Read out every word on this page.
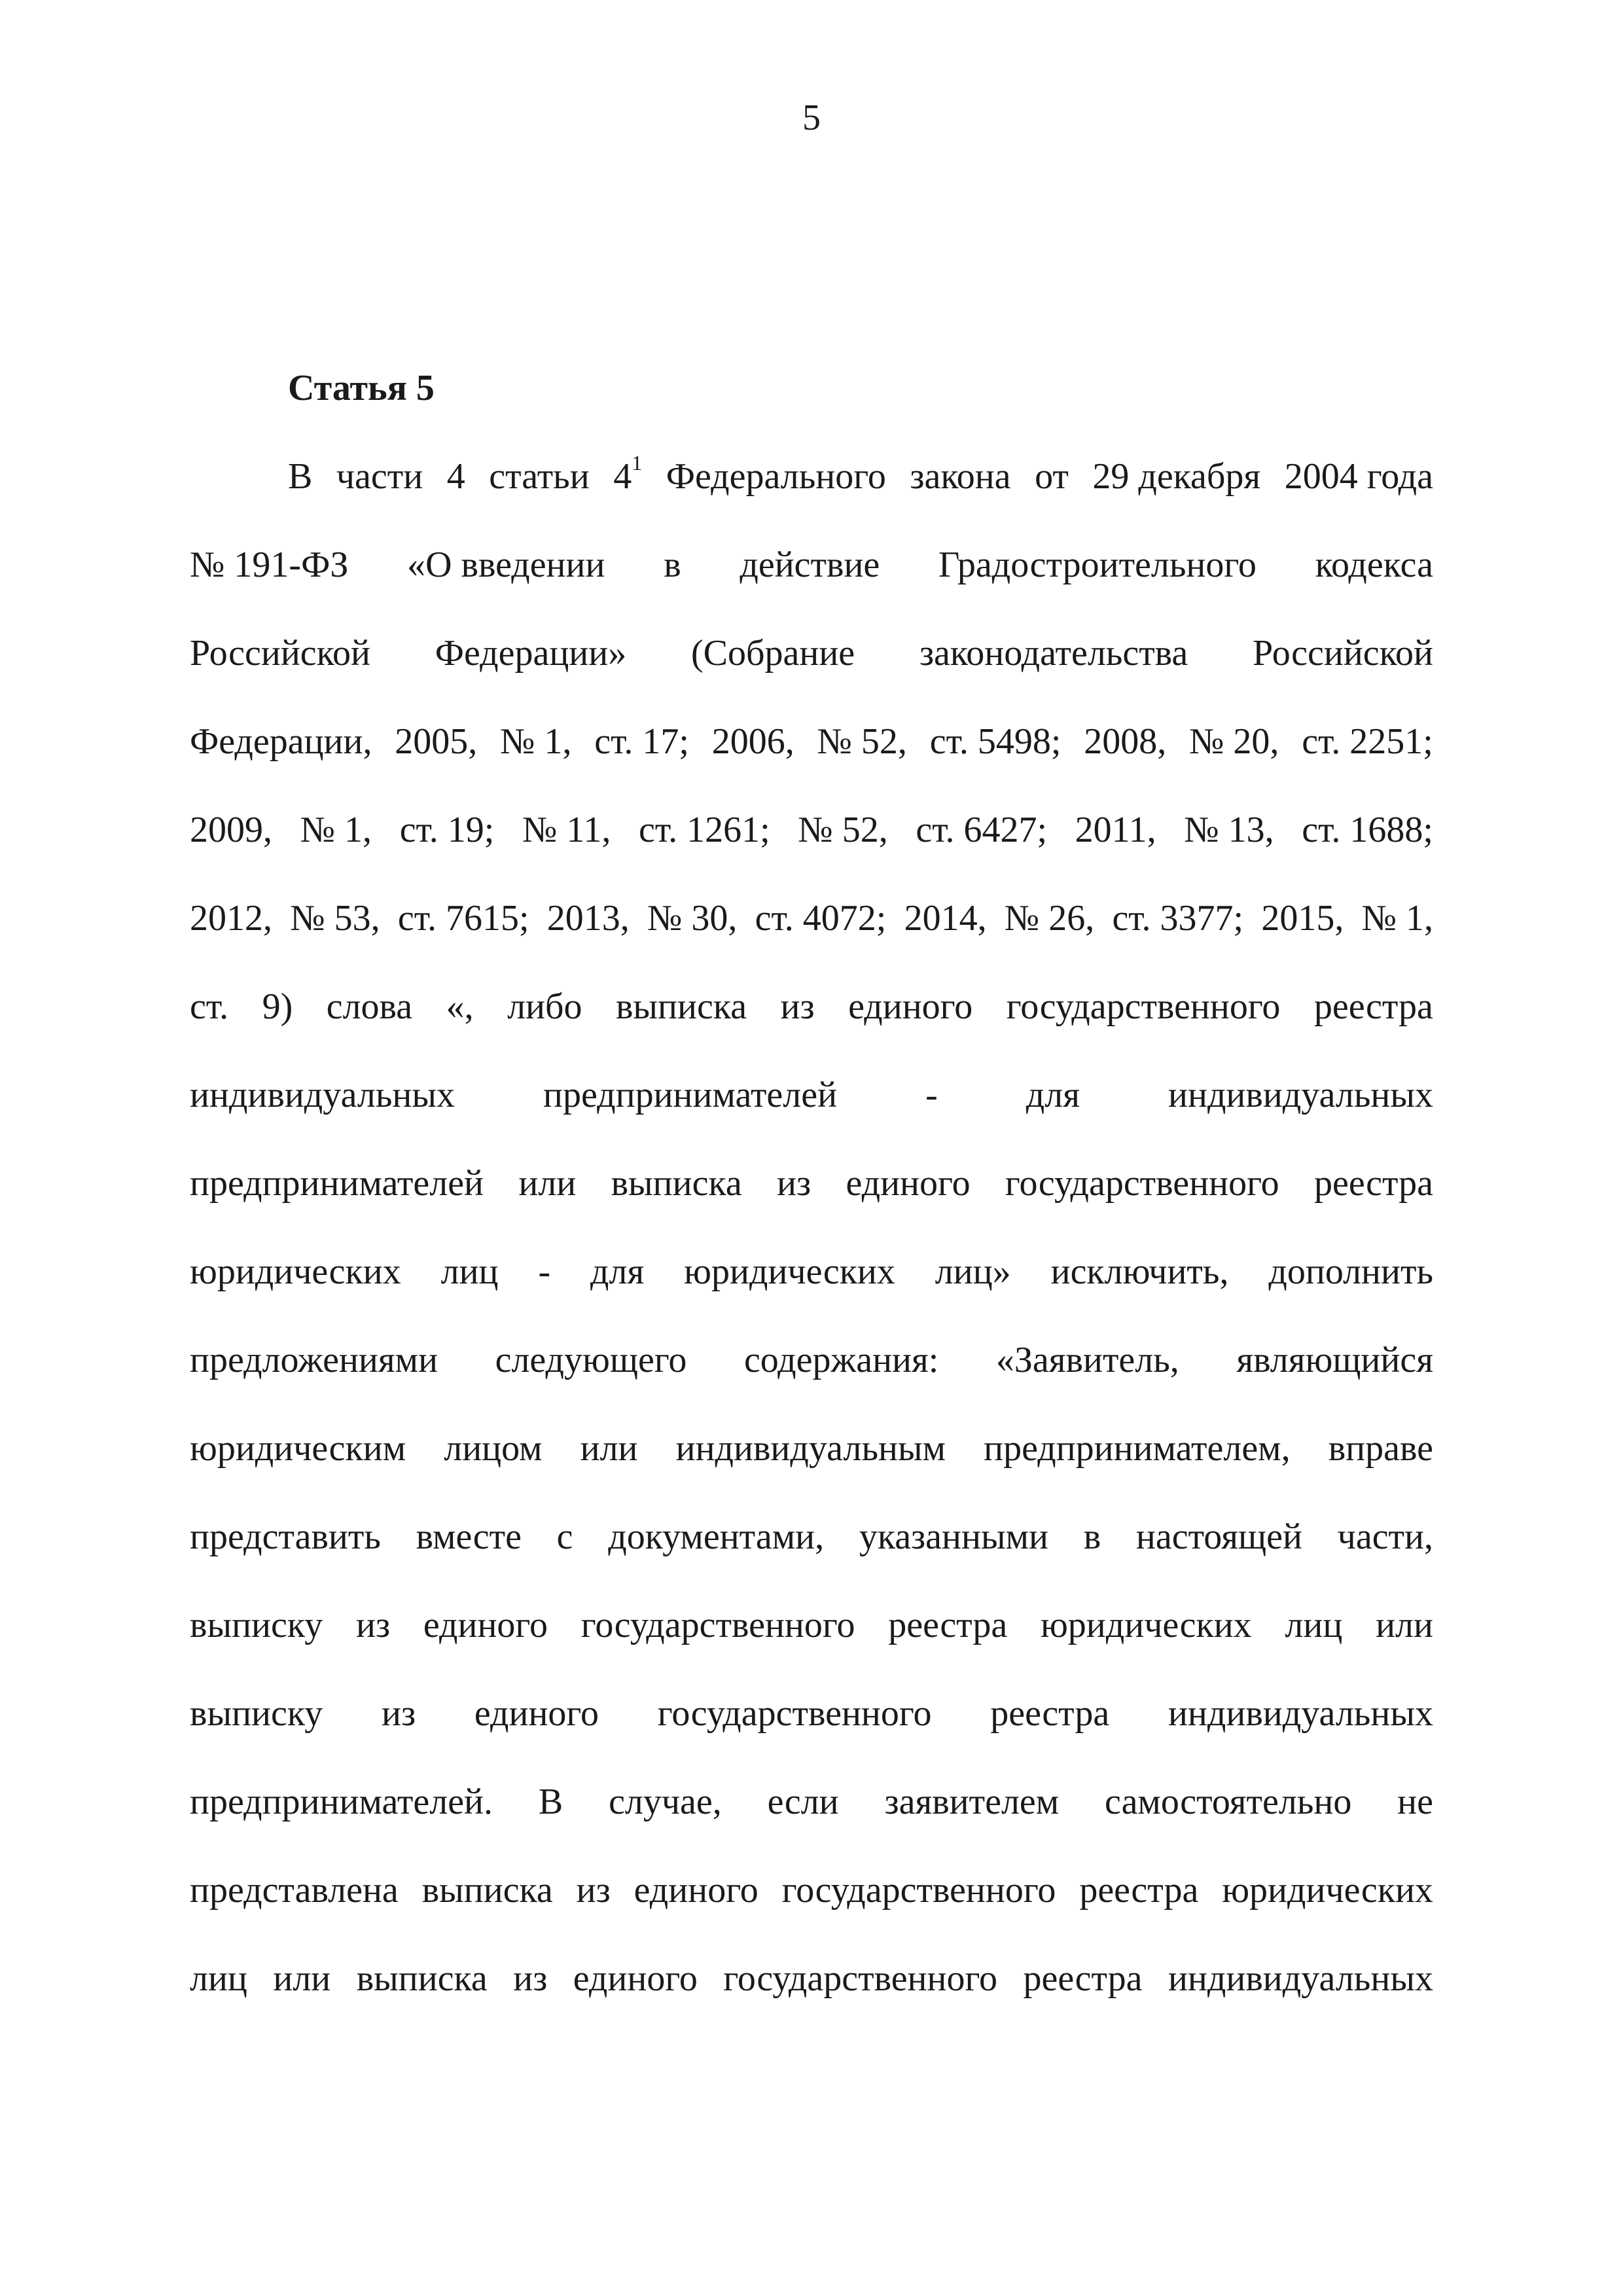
5
Статья 5
В части 4 статьи $4^1$ Федерального закона от 29 декабря 2004 года
№ 191-ФЗ «О введении в действие Градостроительного кодекса
Российской Федерации» (Собрание законодательства Российской
Федерации, 2005, № 1, ст. 17; 2006, № 52, ст. 5498; 2008, № 20, ст. 2251;
2009, № 1, ст. 19; № 11, ст. 1261; № 52, ст. 6427; 2011, № 13, ст. 1688;
2012, № 53, ст. 7615; 2013, № 30, ст. 4072; 2014, № 26, ст. 3377; 2015, № 1,
ст. 9) слова «, либо выписка из единого государственного реестра
индивидуальных предпринимателей - для индивидуальных
предпринимателей или выписка из единого государственного реестра
юридических лиц - для юридических лиц» исключить, дополнить
предложениями следующего содержания: «Заявитель, являющийся
юридическим лицом или индивидуальным предпринимателем, вправе
представить вместе с документами, указанными в настоящей части,
выписку из единого государственного реестра юридических лиц или
выписку из единого государственного реестра индивидуальных
предпринимателей. В случае, если заявителем самостоятельно не
представлена выписка из единого государственного реестра юридических
лиц или выписка из единого государственного реестра индивидуальных
